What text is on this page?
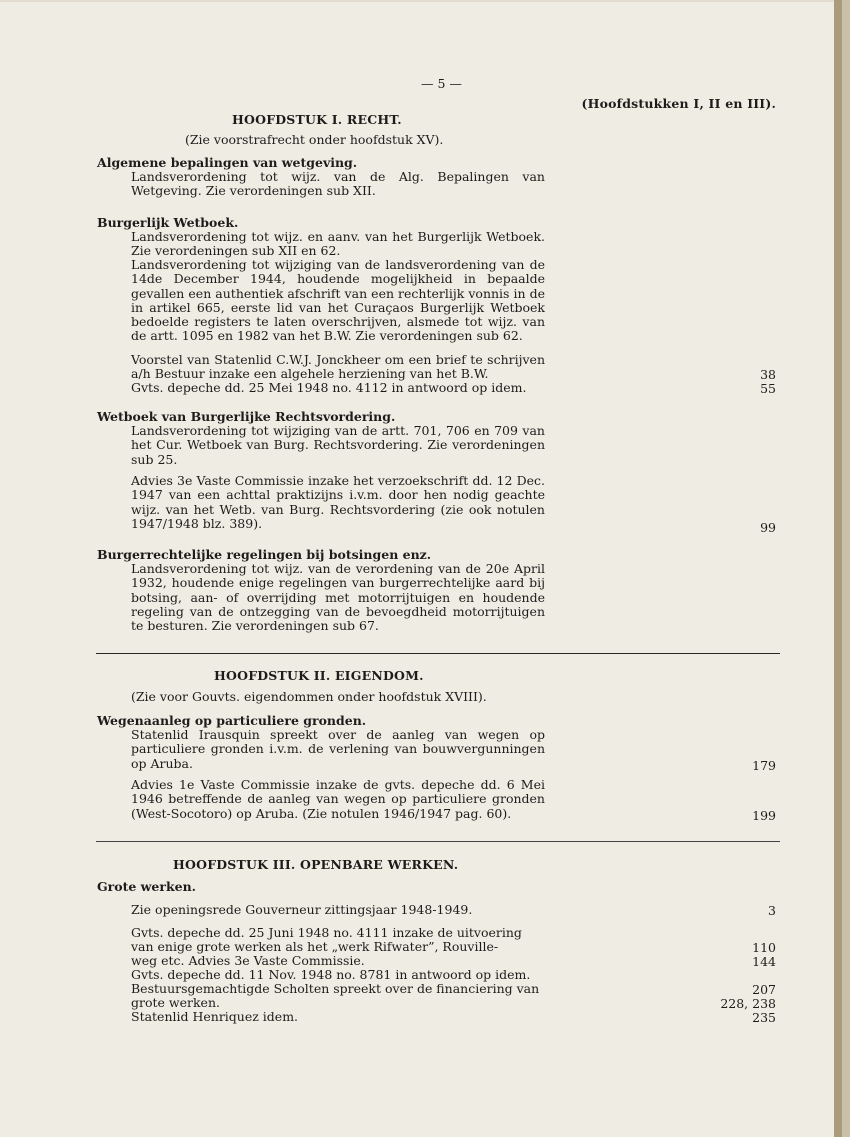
— 5 —
(Hoofdstukken I, II en III).
HOOFDSTUK I. RECHT.
(Zie voorstrafrecht onder hoofdstuk XV).
Algemene bepalingen van wetgeving.
Landsverordening tot wijz. van de Alg. Bepalingen van Wetgeving. Zie verordeningen sub XII.
Burgerlijk Wetboek.
Landsverordening tot wijz. en aanv. van het Burgerlijk Wetboek. Zie verordeningen sub XII en 62.
Landsverordening tot wijziging van de landsverordening van de 14de December 1944, houdende mogelijkheid in bepaalde gevallen een authentiek afschrift van een rechterlijk vonnis in de in artikel 665, eerste lid van het Curaçaos Burgerlijk Wetboek bedoelde registers te laten overschrijven, alsmede tot wijz. van de artt. 1095 en 1982 van het B.W. Zie verordeningen sub 62.
Voorstel van Statenlid C.W.J. Jonckheer om een brief te schrijven a/h Bestuur inzake een algehele herziening van het B.W.	38
Gvts. depeche dd. 25 Mei 1948 no. 4112 in antwoord op idem.	55
Wetboek van Burgerlijke Rechtsvordering.
Landsverordening tot wijziging van de artt. 701, 706 en 709 van het Cur. Wetboek van Burg. Rechtsvordering. Zie verordeningen sub 25.
Advies 3e Vaste Commissie inzake het verzoekschrift dd. 12 Dec. 1947 van een achttal praktizijns i.v.m. door hen nodig geachte wijz. van het Wetb. van Burg. Rechtsvordering (zie ook notulen 1947/1948 blz. 389).	99
Burgerrechtelijke regelingen bij botsingen enz.
Landsverordening tot wijz. van de verordening van de 20e April 1932, houdende enige regelingen van burgerrechtelijke aard bij botsing, aan- of overrijding met motorrijtuigen en houdende regeling van de ontzegging van de bevoegdheid motorrijtuigen te besturen. Zie verordeningen sub 67.
HOOFDSTUK II. EIGENDOM.
(Zie voor Gouvts. eigendommen onder hoofdstuk XVIII).
Wegenaanleg op particuliere gronden.
Statenlid Irausquin spreekt over de aanleg van wegen op particuliere gronden i.v.m. de verlening van bouwvergunningen op Aruba.	179
Advies 1e Vaste Commissie inzake de gvts. depeche dd. 6 Mei 1946 betreffende de aanleg van wegen op particuliere gronden (West-Socotoro) op Aruba. (Zie notulen 1946/1947 pag. 60).	199
HOOFDSTUK III. OPENBARE WERKEN.
Grote werken.
Zie openingsrede Gouverneur zittingsjaar 1948-1949.	3
Gvts. depeche dd. 25 Juni 1948 no. 4111 inzake de uitvoering
van enige grote werken als het „werk Rifwater”, Rouville-	110
weg etc. Advies 3e Vaste Commissie.	144
Gvts. depeche dd. 11 Nov. 1948 no. 8781 in antwoord op idem.
Bestuursgemachtigde Scholten spreekt over de financiering van	207
grote werken.	228, 238
Statenlid Henriquez idem.	235
